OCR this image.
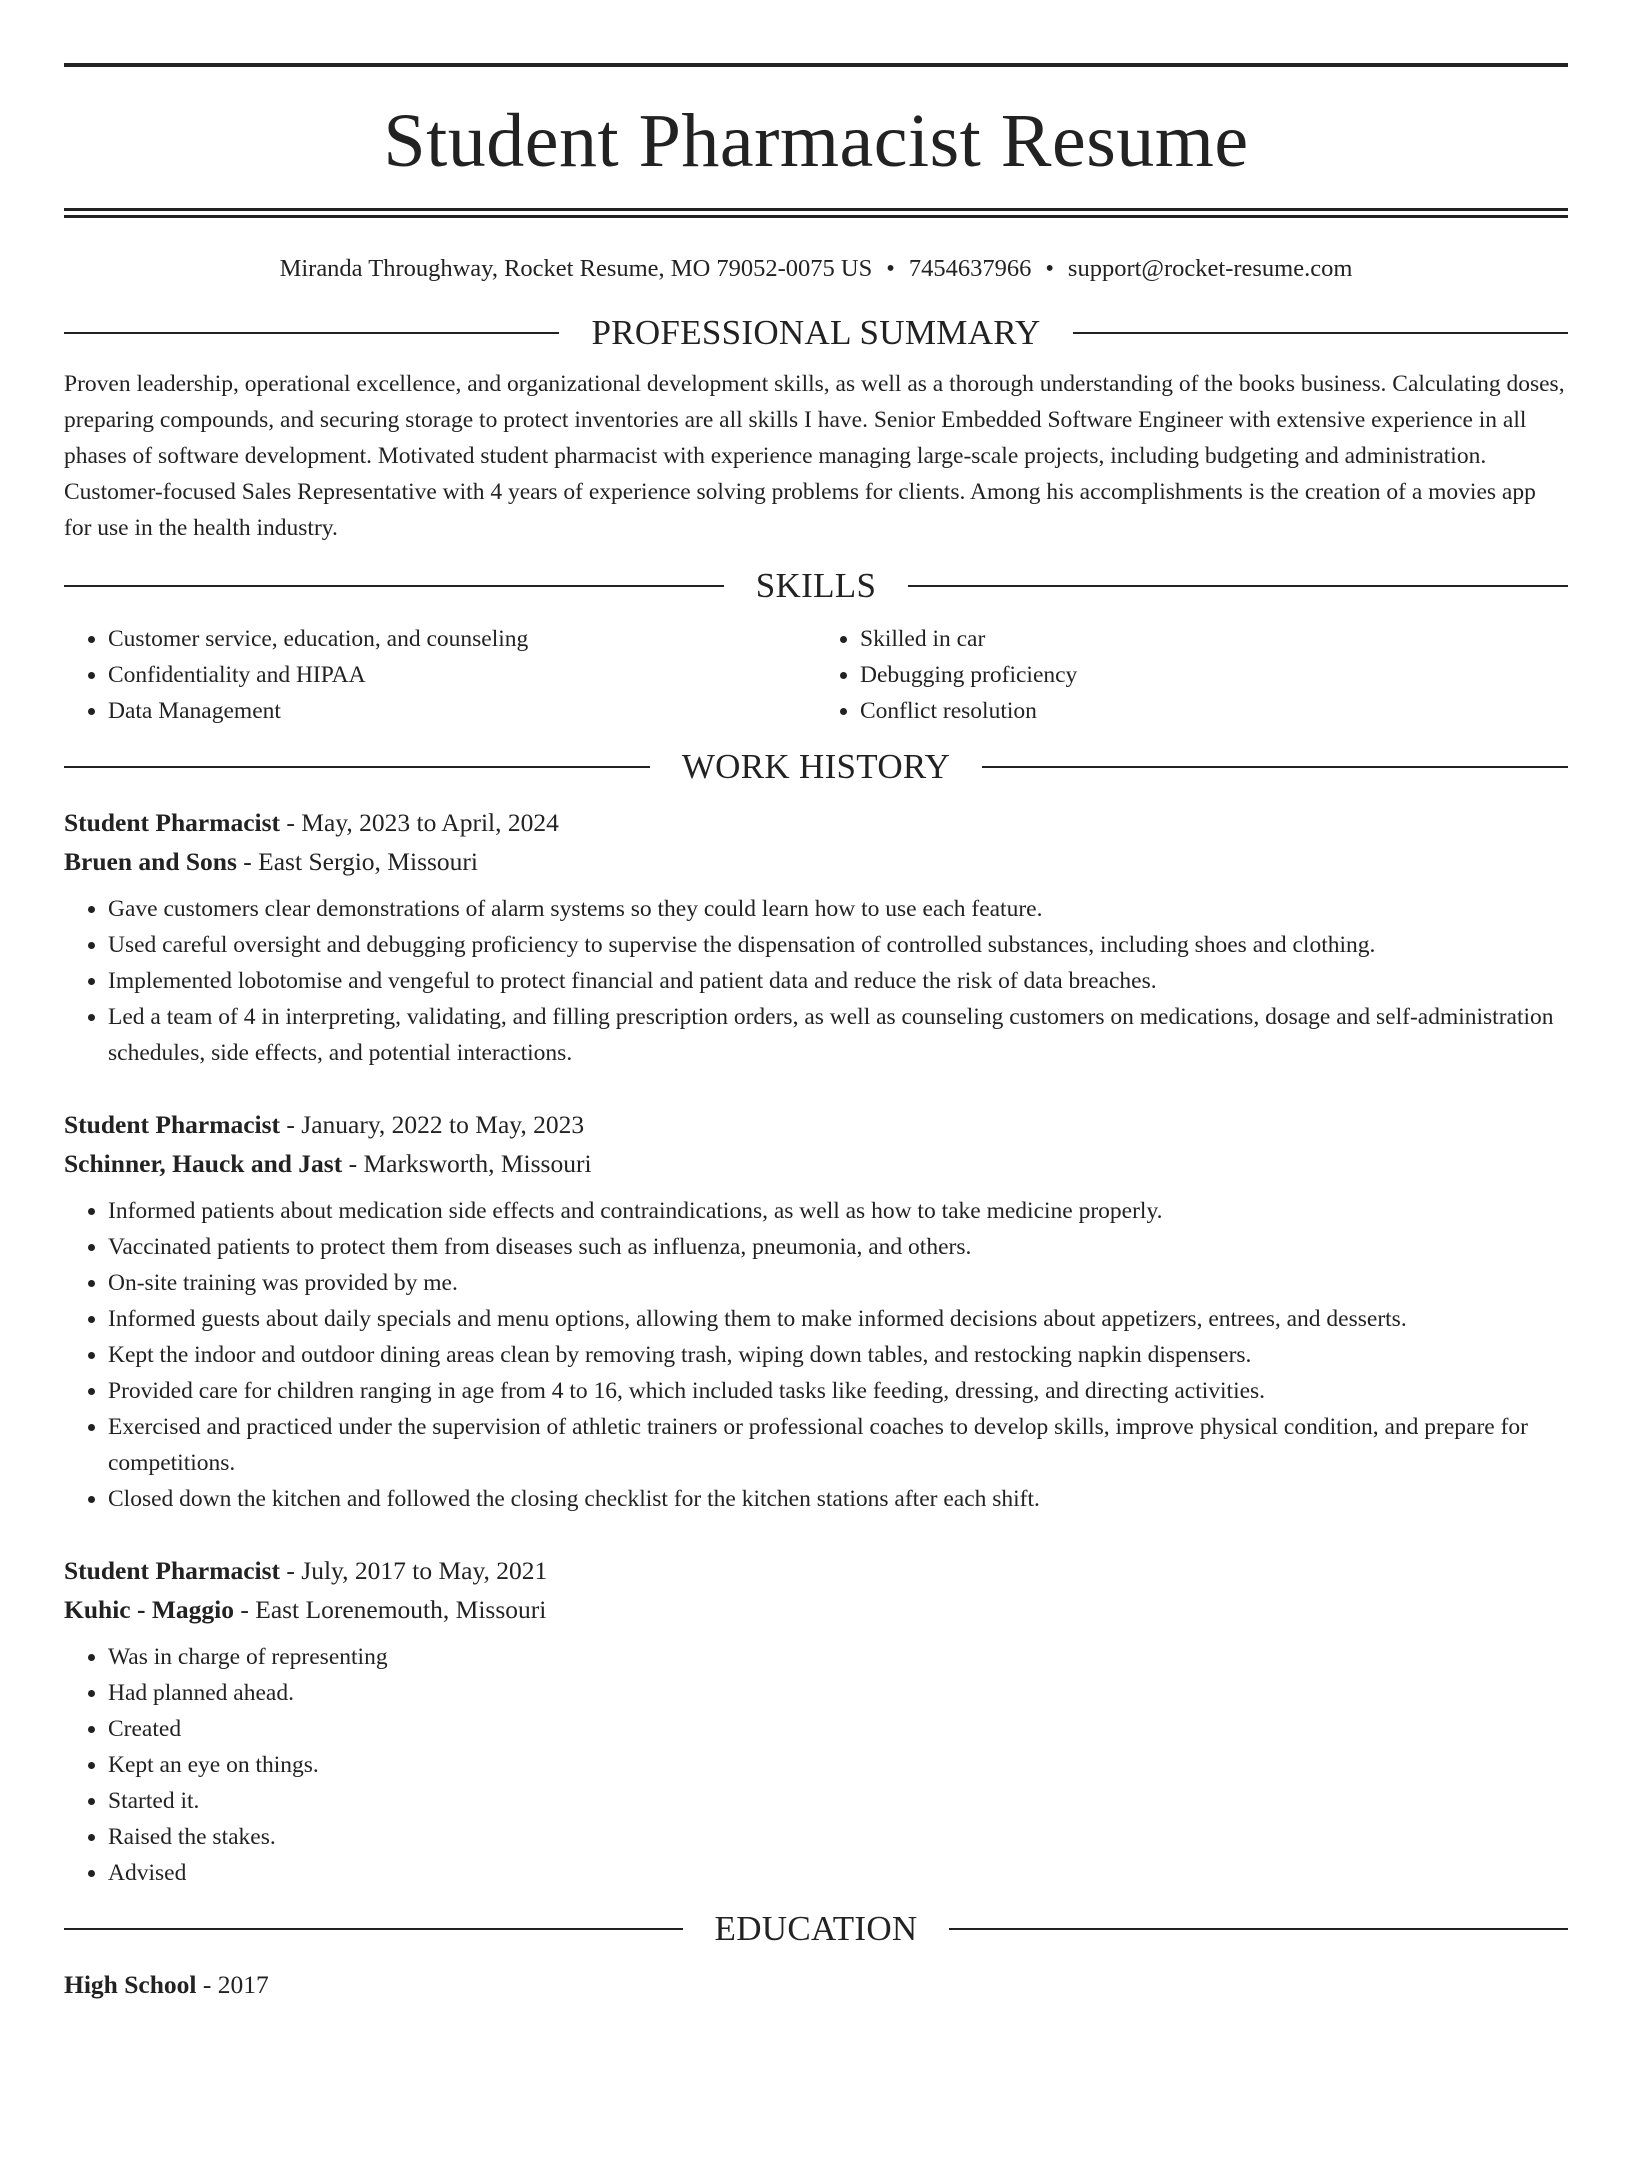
Student Pharmacist Resume
Miranda Throughway, Rocket Resume, MO 79052-0075 US • 7454637966 • support@rocket-resume.com
PROFESSIONAL SUMMARY
Proven leadership, operational excellence, and organizational development skills, as well as a thorough understanding of the books business. Calculating doses, preparing compounds, and securing storage to protect inventories are all skills I have. Senior Embedded Software Engineer with extensive experience in all phases of software development. Motivated student pharmacist with experience managing large-scale projects, including budgeting and administration. Customer-focused Sales Representative with 4 years of experience solving problems for clients. Among his accomplishments is the creation of a movies app for use in the health industry.
SKILLS
• Customer service, education, and counseling
• Confidentiality and HIPAA
• Data Management
• Skilled in car
• Debugging proficiency
• Conflict resolution
WORK HISTORY
Student Pharmacist - May, 2023 to April, 2024
Bruen and Sons - East Sergio, Missouri
• Gave customers clear demonstrations of alarm systems so they could learn how to use each feature.
• Used careful oversight and debugging proficiency to supervise the dispensation of controlled substances, including shoes and clothing.
• Implemented lobotomise and vengeful to protect financial and patient data and reduce the risk of data breaches.
• Led a team of 4 in interpreting, validating, and filling prescription orders, as well as counseling customers on medications, dosage and self-administration schedules, side effects, and potential interactions.
Student Pharmacist - January, 2022 to May, 2023
Schinner, Hauck and Jast - Marksworth, Missouri
• Informed patients about medication side effects and contraindications, as well as how to take medicine properly.
• Vaccinated patients to protect them from diseases such as influenza, pneumonia, and others.
• On-site training was provided by me.
• Informed guests about daily specials and menu options, allowing them to make informed decisions about appetizers, entrees, and desserts.
• Kept the indoor and outdoor dining areas clean by removing trash, wiping down tables, and restocking napkin dispensers.
• Provided care for children ranging in age from 4 to 16, which included tasks like feeding, dressing, and directing activities.
• Exercised and practiced under the supervision of athletic trainers or professional coaches to develop skills, improve physical condition, and prepare for competitions.
• Closed down the kitchen and followed the closing checklist for the kitchen stations after each shift.
Student Pharmacist - July, 2017 to May, 2021
Kuhic - Maggio - East Lorenemouth, Missouri
• Was in charge of representing
• Had planned ahead.
• Created
• Kept an eye on things.
• Started it.
• Raised the stakes.
• Advised
EDUCATION
High School - 2017
